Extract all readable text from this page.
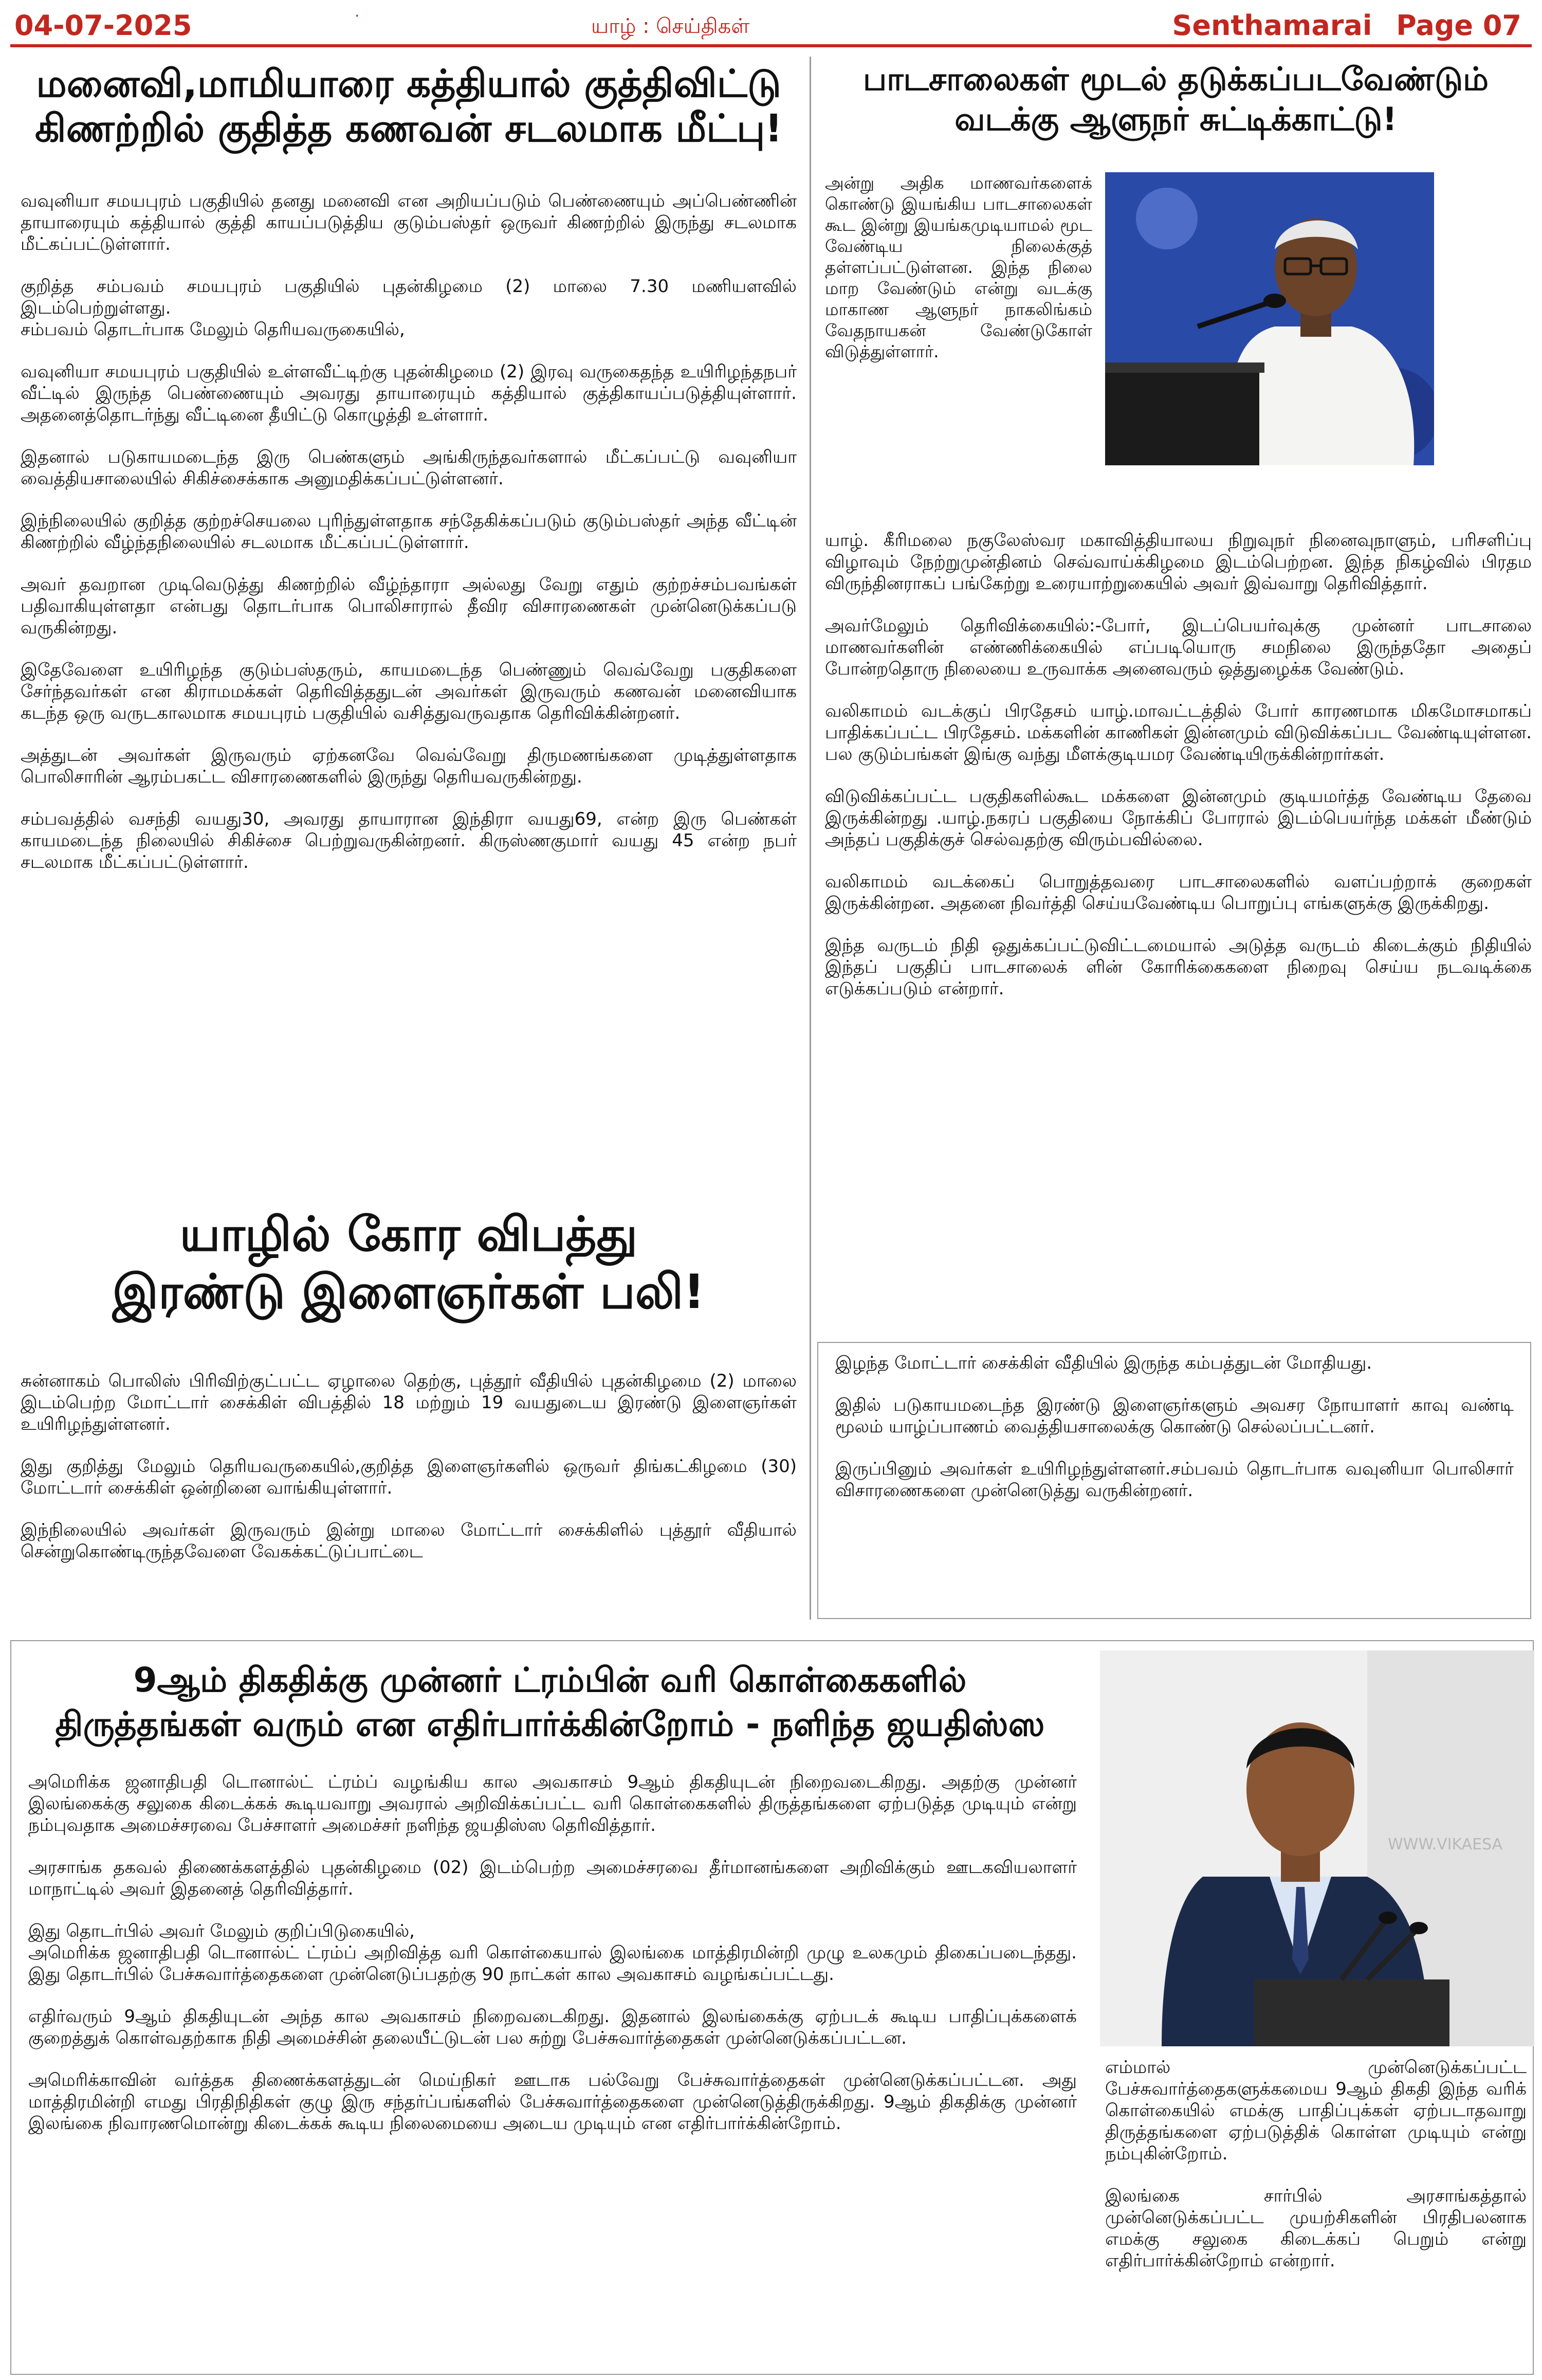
04-07-2025	·	யாழ் : செய்திகள்	Senthamarai Page 07
மனைவி,மாமியாரை கத்தியால் குத்திவிட்டு
கிணற்றில் குதித்த கணவன் சடலமாக மீட்பு!

வவுனியா சமயபுரம் பகுதியில் தனது மனைவி என அறியப்படும் பெண்ணையும் அப்பெண்ணின் தாயாரையும் கத்தியால் குத்தி காயப்படுத்திய குடும்பஸ்தர் ஒருவர் கிணற்றில் இருந்து சடலமாக மீட்கப்பட்டுள்ளார்.

குறித்த சம்பவம் சமயபுரம் பகுதியில் புதன்கிழமை (2) மாலை 7.30 மணியளவில் இடம்பெற்றுள்ளது.

சம்பவம் தொடர்பாக மேலும் தெரியவருகையில்,

வவுனியா சமயபுரம் பகுதியில் உள்ளவீட்டிற்கு புதன்கிழமை (2) இரவு வருகைதந்த உயிரிழந்தநபர் வீட்டில் இருந்த பெண்ணையும் அவரது தாயாரையும் கத்தியால் குத்திகாயப்படுத்தியுள்ளார். அதனைத்தொடர்ந்து வீட்டினை தீயிட்டு கொழுத்தி உள்ளார்.

இதனால் படுகாயமடைந்த இரு பெண்களும் அங்கிருந்தவர்களால் மீட்கப்பட்டு வவுனியா வைத்தியசாலையில் சிகிச்சைக்காக அனுமதிக்கப்பட்டுள்ளனர்.

இந்நிலையில் குறித்த குற்றச்செயலை புரிந்துள்ளதாக சந்தேகிக்கப்படும் குடும்பஸ்தர் அந்த வீட்டின் கிணற்றில் வீழ்ந்தநிலையில் சடலமாக மீட்கப்பட்டுள்ளார்.

அவர் தவறான முடிவெடுத்து கிணற்றில் வீழ்ந்தாரா அல்லது வேறு எதும் குற்றச்சம்பவங்கள் பதிவாகியுள்ளதா என்பது தொடர்பாக பொலிசாரால் தீவிர விசாரணைகள் முன்னெடுக்கப்படு வருகின்றது.

இதேவேளை உயிரிழந்த குடும்பஸ்தரும், காயமடைந்த பெண்ணும் வெவ்வேறு பகுதிகளை சேர்ந்தவர்கள் என கிராமமக்கள் தெரிவித்ததுடன் அவர்கள் இருவரும் கணவன் மனைவியாக கடந்த ஒரு வருடகாலமாக சமயபுரம் பகுதியில் வசித்துவருவதாக தெரிவிக்கின்றனர்.

அத்துடன் அவர்கள் இருவரும் ஏற்கனவே வெவ்வேறு திருமணங்களை முடித்துள்ளதாக பொலிசாரின் ஆரம்பகட்ட விசாரணைகளில் இருந்து தெரியவருகின்றது.

சம்பவத்தில் வசந்தி வயது30, அவரது தாயாரான இந்திரா வயது69, என்ற இரு பெண்கள் காயமடைந்த நிலையில் சிகிச்சை பெற்றுவருகின்றனர். கிருஸ்ணகுமார் வயது 45 என்ற நபர் சடலமாக மீட்கப்பட்டுள்ளார்.

யாழில் கோர விபத்து
இரண்டு இளைஞர்கள் பலி!

சுன்னாகம் பொலிஸ் பிரிவிற்குட்பட்ட ஏழாலை தெற்கு, புத்தூர் வீதியில் புதன்கிழமை (2) மாலை இடம்பெற்ற மோட்டார் சைக்கிள் விபத்தில் 18 மற்றும் 19 வயதுடைய இரண்டு இளைஞர்கள் உயிரிழந்துள்ளனர்.

இது குறித்து மேலும் தெரியவருகையில்,குறித்த இளைஞர்களில் ஒருவர் திங்கட்கிழமை (30) மோட்டார் சைக்கிள் ஒன்றினை வாங்கியுள்ளார்.

இந்நிலையில் அவர்கள் இருவரும் இன்று மாலை மோட்டார் சைக்கிளில் புத்தூர் வீதியால் சென்றுகொண்டிருந்தவேளை வேகக்கட்டுப்பாட்டை

பாடசாலைகள் மூடல் தடுக்கப்படவேண்டும்
வடக்கு ஆளுநர் சுட்டிக்காட்டு!
அன்று அதிக மாணவர்களைக் கொண்டு இயங்கிய பாடசாலைகள் கூட இன்று இயங்கமுடியாமல் மூட வேண்டிய நிலைக்குத் தள்ளப்பட்டுள்ளன. இந்த நிலை மாற வேண்டும் என்று வடக்கு மாகாண ஆளுநர் நாகலிங்கம் வேதநாயகன் வேண்டுகோள் விடுத்துள்ளார்.

யாழ். கீரிமலை நகுலேஸ்வர மகாவித்தியாலய நிறுவுநர் நினைவுநாளும், பரிசளிப்பு விழாவும் நேற்றுமுன்தினம் செவ்வாய்க்கிழமை இடம்பெற்றன. இந்த நிகழ்வில் பிரதம விருந்தினராகப் பங்கேற்று உரையாற்றுகையில் அவர் இவ்வாறு தெரிவித்தார்.

அவர்மேலும் தெரிவிக்கையில்:-போர், இடப்பெயர்வுக்கு முன்னர் பாடசாலை மாணவர்களின் எண்ணிக்கையில் எப்படியொரு சமநிலை இருந்ததோ அதைப் போன்றதொரு நிலையை உருவாக்க அனைவரும் ஒத்துழைக்க வேண்டும்.

வலிகாமம் வடக்குப் பிரதேசம் யாழ்.மாவட்டத்தில் போர் காரணமாக மிகமோசமாகப் பாதிக்கப்பட்ட பிரதேசம். மக்களின் காணிகள் இன்னமும் விடுவிக்கப்பட வேண்டியுள்ளன. பல குடும்பங்கள் இங்கு வந்து மீளக்குடியமர வேண்டியிருக்கின்றார்கள்.

விடுவிக்கப்பட்ட பகுதிகளில்கூட மக்களை இன்னமும் குடியமர்த்த வேண்டிய தேவை இருக்கின்றது .யாழ்.நகரப் பகுதியை நோக்கிப் போரால் இடம்பெயர்ந்த மக்கள் மீண்டும் அந்தப் பகுதிக்குச் செல்வதற்கு விரும்பவில்லை.

வலிகாமம் வடக்கைப் பொறுத்தவரை பாடசாலைகளில் வளப்பற்றாக் குறைகள் இருக்கின்றன. அதனை நிவர்த்தி செய்யவேண்டிய பொறுப்பு எங்களுக்கு இருக்கிறது.

இந்த வருடம் நிதி ஒதுக்கப்பட்டுவிட்டமையால் அடுத்த வருடம் கிடைக்கும் நிதியில் இந்தப் பகுதிப் பாடசாலைக் ளின் கோரிக்கைகளை நிறைவு செய்ய நடவடிக்கை எடுக்கப்படும் என்றார்.

இழந்த மோட்டார் சைக்கிள் வீதியில் இருந்த கம்பத்துடன் மோதியது.

இதில் படுகாயமடைந்த இரண்டு இளைஞர்களும் அவசர நோயாளர் காவு வண்டி மூலம் யாழ்ப்பாணம் வைத்தியசாலைக்கு கொண்டு செல்லப்பட்டனர்.

இருப்பினும் அவர்கள் உயிரிழந்துள்ளனர்.சம்பவம் தொடர்பாக வவுனியா பொலிசார் விசாரணைகளை முன்னெடுத்து வருகின்றனர்.

9ஆம் திகதிக்கு முன்னர் ட்ரம்பின் வரி கொள்கைகளில்
திருத்தங்கள் வரும் என எதிர்பார்க்கின்றோம் - நளிந்த ஜயதிஸ்ஸ

அமெரிக்க ஜனாதிபதி டொனால்ட் ட்ரம்ப் வழங்கிய கால அவகாசம் 9ஆம் திகதியுடன் நிறைவடைகிறது. அதற்கு முன்னர் இலங்கைக்கு சலுகை கிடைக்கக் கூடியவாறு அவரால் அறிவிக்கப்பட்ட வரி கொள்கைகளில் திருத்தங்களை ஏற்படுத்த முடியும் என்று நம்புவதாக அமைச்சரவை பேச்சாளர் அமைச்சர் நளிந்த ஜயதிஸ்ஸ தெரிவித்தார்.

அரசாங்க தகவல் திணைக்களத்தில் புதன்கிழமை (02) இடம்பெற்ற அமைச்சரவை தீர்மானங்களை அறிவிக்கும் ஊடகவியலாளர் மாநாட்டில் அவர் இதனைத் தெரிவித்தார்.

இது தொடர்பில் அவர் மேலும் குறிப்பிடுகையில்,

அமெரிக்க ஜனாதிபதி டொனால்ட் ட்ரம்ப் அறிவித்த வரி கொள்கையால் இலங்கை மாத்திரமின்றி முழு உலகமும் திகைப்படைந்தது. இது தொடர்பில் பேச்சுவார்த்தைகளை முன்னெடுப்பதற்கு 90 நாட்கள் கால அவகாசம் வழங்கப்பட்டது.

எதிர்வரும் 9ஆம் திகதியுடன் அந்த கால அவகாசம் நிறைவடைகிறது. இதனால் இலங்கைக்கு ஏற்படக் கூடிய பாதிப்புக்களைக் குறைத்துக் கொள்வதற்காக நிதி அமைச்சின் தலையீட்டுடன் பல சுற்று பேச்சுவார்த்தைகள் முன்னெடுக்கப்பட்டன.

அமெரிக்காவின் வர்த்தக திணைக்களத்துடன் மெய்நிகர் ஊடாக பல்வேறு பேச்சுவார்த்தைகள் முன்னெடுக்கப்பட்டன. அது மாத்திரமின்றி எமது பிரதிநிதிகள் குழு இரு சந்தர்ப்பங்களில் பேச்சுவார்த்தைகளை முன்னெடுத்திருக்கிறது. 9ஆம் திகதிக்கு முன்னர் இலங்கை நிவாரணமொன்று கிடைக்கக் கூடிய நிலைமையை அடைய முடியும் என எதிர்பார்க்கின்றோம்.

WWW.VIKAESA

எம்மால் முன்னெடுக்கப்பட்ட பேச்சுவார்த்தைகளுக்கமைய 9ஆம் திகதி இந்த வரிக் கொள்கையில் எமக்கு பாதிப்புக்கள் ஏற்படாதவாறு திருத்தங்களை ஏற்படுத்திக் கொள்ள முடியும் என்று நம்புகின்றோம்.

இலங்கை சார்பில் அரசாங்கத்தால் முன்னெடுக்கப்பட்ட முயற்சிகளின் பிரதிபலனாக எமக்கு சலுகை கிடைக்கப் பெறும் என்று எதிர்பார்க்கின்றோம் என்றார்.
